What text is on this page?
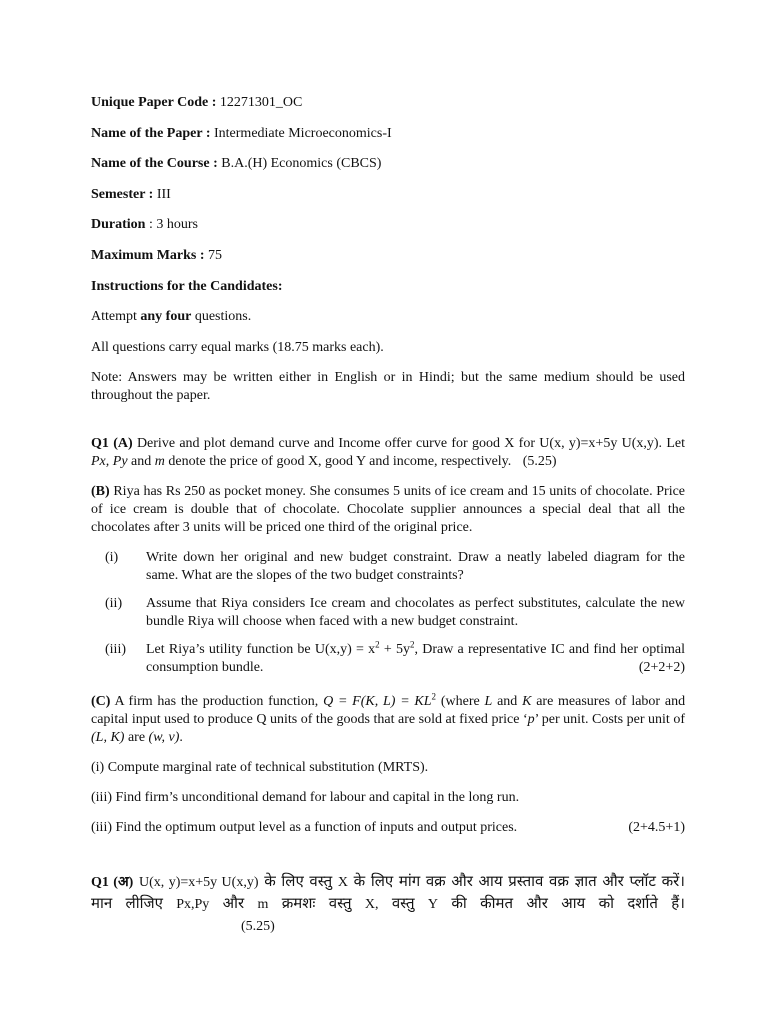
Unique Paper Code : 12271301_OC

Name of the Paper : Intermediate Microeconomics-I

Name of the Course : B.A.(H) Economics (CBCS)

Semester : III

Duration : 3 hours

Maximum Marks : 75

Instructions for the Candidates:

Attempt any four questions.

All questions carry equal marks (18.75 marks each).

Note: Answers may be written either in English or in Hindi; but the same medium should be used throughout the paper.

Q1 (A) Derive and plot demand curve and Income offer curve for good X for U(x, y)=x+5y U(x,y). Let Px, Py and m denote the price of good X, good Y and income, respectively. (5.25)

(B) Riya has Rs 250 as pocket money. She consumes 5 units of ice cream and 15 units of chocolate. Price of ice cream is double that of chocolate. Chocolate supplier announces a special deal that all the chocolates after 3 units will be priced one third of the original price.

(i) Write down her original and new budget constraint. Draw a neatly labeled diagram for the same. What are the slopes of the two budget constraints?
(ii) Assume that Riya considers Ice cream and chocolates as perfect substitutes, calculate the new bundle Riya will choose when faced with a new budget constraint.
(iii) Let Riya’s utility function be $U(x,y) = x^2 + 5y^2$, Draw a representative IC and find her optimal consumption bundle.	(2+2+2)

(C) A firm has the production function, Q = F(K, $L) = KL^2$ (where L and K are measures of labor and capital input used to produce Q units of the goods that are sold at fixed price ‘p’ per unit. Costs per unit of (L, K) are (w, v).

(i) Compute marginal rate of technical substitution (MRTS).

(iii) Find firm’s unconditional demand for labour and capital in the long run.

(iii) Find the optimum output level as a function of inputs and output prices.	(2+4.5+1)

Q1 (अ) U(x, y)=x+5y U(x,y) के लिए वस्तु X के लिए मांग वक्र और आय प्रस्ताव वक्र ज्ञात और प्लॉट करें। मान लीजिए Px,Py और m क्रमशः वस्तु X, वस्तु Y की कीमत और आय को दर्शाते हैं। (5.25)
